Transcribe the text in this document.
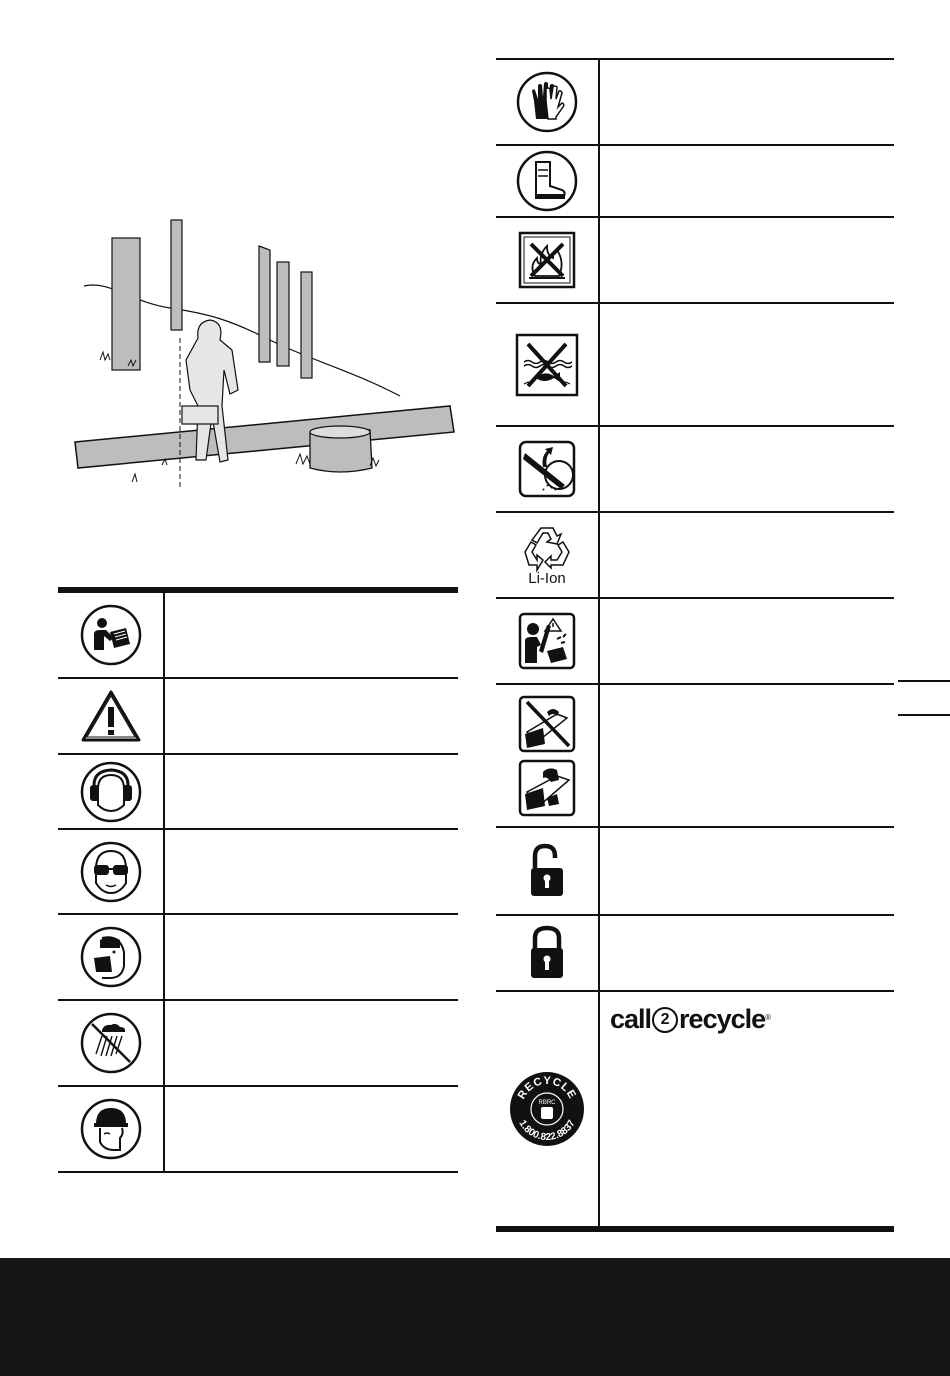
Li-Ion	

RECYCLE
RBRC
1.800.822.8837	call 2 recycle ®
